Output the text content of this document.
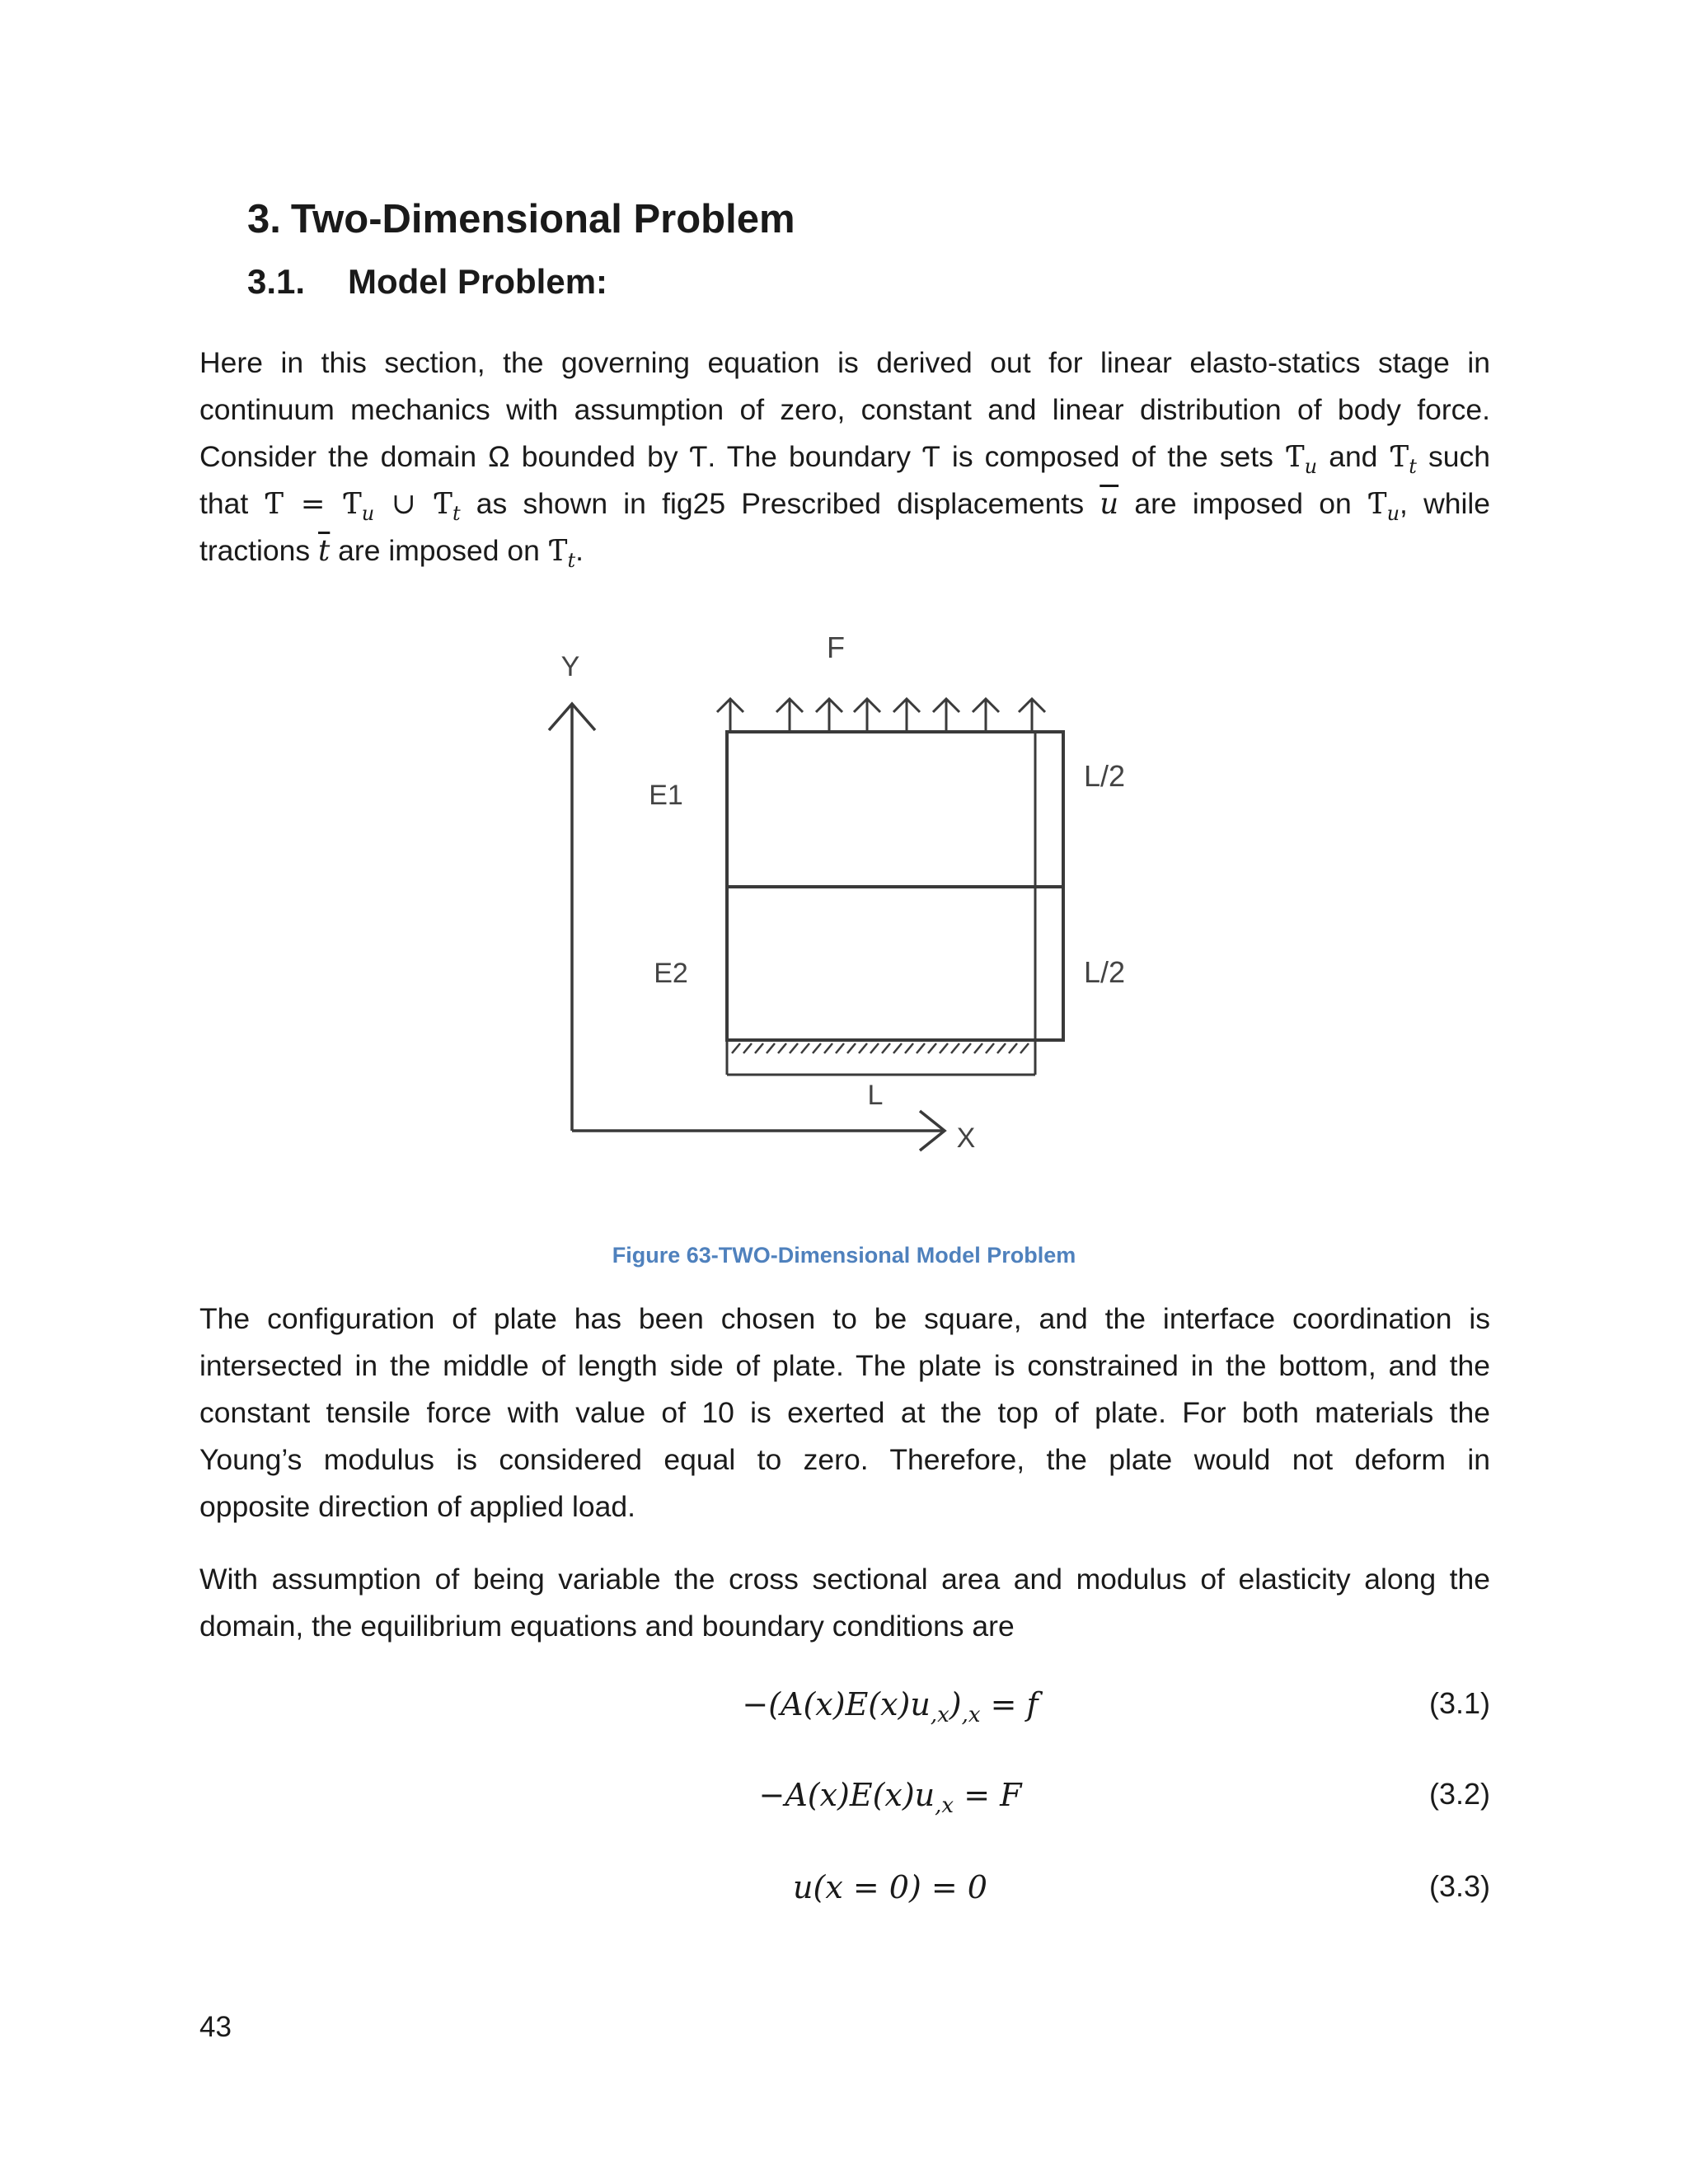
3. Two-Dimensional Problem
3.1. Model Problem:
Here in this section, the governing equation is derived out for linear elasto-statics stage in
continuum mechanics with assumption of zero, constant and linear distribution of body force.
Consider the domain Ω bounded by Ƭ. The boundary Ƭ is composed of the sets $Ƭ_u$ and $Ƭ_t$ such
that Ƭ = $Ƭ_u$ ∪ $Ƭ_t$ as shown in fig25 Prescribed displacements $\overline{u}$ are imposed on $Ƭ_u$, while
tractions $\overline{t}$ are imposed on $Ƭ_t$.
Y
X
F
E1
E2
L/2
L/2
L
Figure 63-TWO-Dimensional Model Problem
The configuration of plate has been chosen to be square, and the interface coordination is
intersected in the middle of length side of plate. The plate is constrained in the bottom, and the
constant tensile force with value of 10 is exerted at the top of plate. For both materials the
Young’s modulus is considered equal to zero. Therefore, the plate would not deform in
opposite direction of applied load.
With assumption of being variable the cross sectional area and modulus of elasticity along the
domain, the equilibrium equations and boundary conditions are
$-(A(x)E(x)u_{,x})_{,x} = f$	(3.1)
$-A(x)E(x)u_{,x} = F$	(3.2)
u(x = 0) = 0	(3.3)
43
